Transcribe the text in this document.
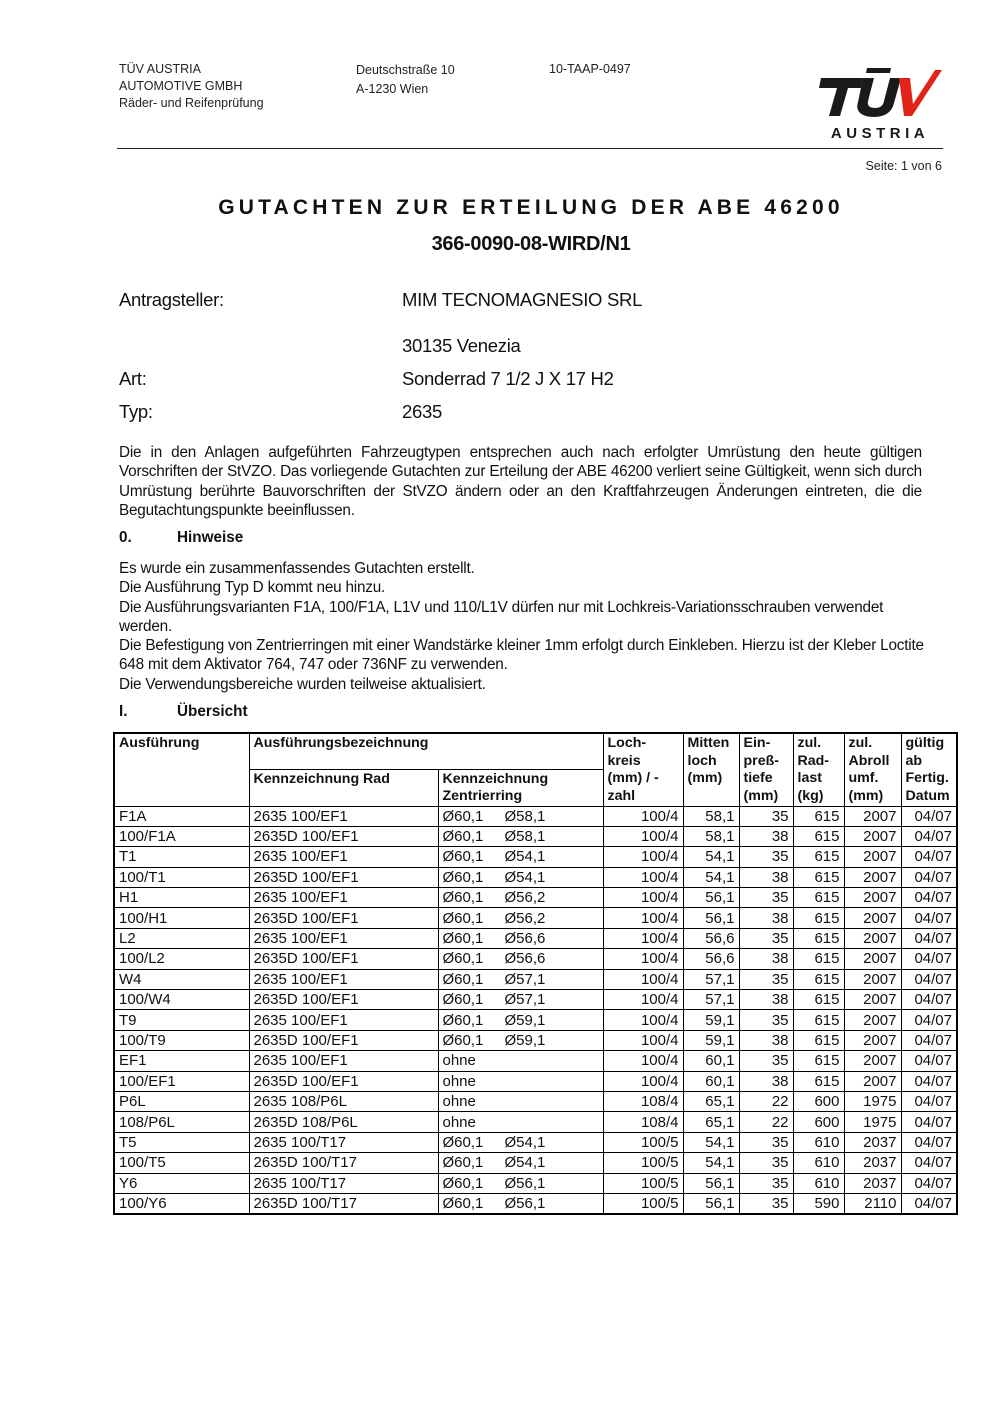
TÜV AUSTRIA
AUTOMOTIVE GMBH
Räder- und Reifenprüfung
Deutschstraße 10
A-1230 Wien
10-TAAP-0497
AUSTRIA
Seite: 1 von 6
GUTACHTEN ZUR ERTEILUNG DER ABE 46200
366-0090-08-WIRD/N1
Antragsteller:	MIM TECNOMAGNESIO SRL
30135 Venezia
Art:	Sonderrad 7 1/2 J X 17 H2
Typ:	2635
Die in den Anlagen aufgeführten Fahrzeugtypen entsprechen auch nach erfolgter Umrüstung den heute gültigen Vorschriften der StVZO. Das vorliegende Gutachten zur Erteilung der ABE 46200 verliert seine Gültigkeit, wenn sich durch Umrüstung berührte Bauvorschriften der StVZO ändern oder an den Kraftfahrzeugen Änderungen eintreten, die die Begutachtungspunkte beeinflussen.
0.	Hinweise
Es wurde ein zusammenfassendes Gutachten erstellt.
Die Ausführung Typ D kommt neu hinzu.
Die Ausführungsvarianten F1A, 100/F1A, L1V und 110/L1V dürfen nur mit Lochkreis-Variationsschrauben verwendet werden.
Die Befestigung von Zentrierringen mit einer Wandstärke kleiner 1mm erfolgt durch Einkleben. Hierzu ist der Kleber Loctite 648 mit dem Aktivator 764, 747 oder 736NF zu verwenden.
Die Verwendungsbereiche wurden teilweise aktualisiert.
I.	Übersicht
Ausführung	Ausführungsbezeichnung		Loch- kreis (mm) / -zahl	Mitten loch (mm)	Ein- preß- tiefe (mm)	zul. Rad- last (kg)	zul. Abroll umf. (mm)	gültig ab Fertig. Datum
	Kennzeichnung Rad	Kennzeichnung Zentrierring						
F1A	2635 100/EF1	Ø60,1 Ø58,1	100/4	58,1	35	615	2007	04/07
100/F1A	2635D 100/EF1	Ø60,1 Ø58,1	100/4	58,1	38	615	2007	04/07
T1	2635 100/EF1	Ø60,1 Ø54,1	100/4	54,1	35	615	2007	04/07
100/T1	2635D 100/EF1	Ø60,1 Ø54,1	100/4	54,1	38	615	2007	04/07
H1	2635 100/EF1	Ø60,1 Ø56,2	100/4	56,1	35	615	2007	04/07
100/H1	2635D 100/EF1	Ø60,1 Ø56,2	100/4	56,1	38	615	2007	04/07
L2	2635 100/EF1	Ø60,1 Ø56,6	100/4	56,6	35	615	2007	04/07
100/L2	2635D 100/EF1	Ø60,1 Ø56,6	100/4	56,6	38	615	2007	04/07
W4	2635 100/EF1	Ø60,1 Ø57,1	100/4	57,1	35	615	2007	04/07
100/W4	2635D 100/EF1	Ø60,1 Ø57,1	100/4	57,1	38	615	2007	04/07
T9	2635 100/EF1	Ø60,1 Ø59,1	100/4	59,1	35	615	2007	04/07
100/T9	2635D 100/EF1	Ø60,1 Ø59,1	100/4	59,1	38	615	2007	04/07
EF1	2635 100/EF1	ohne	100/4	60,1	35	615	2007	04/07
100/EF1	2635D 100/EF1	ohne	100/4	60,1	38	615	2007	04/07
P6L	2635 108/P6L	ohne	108/4	65,1	22	600	1975	04/07
108/P6L	2635D 108/P6L	ohne	108/4	65,1	22	600	1975	04/07
T5	2635 100/T17	Ø60,1 Ø54,1	100/5	54,1	35	610	2037	04/07
100/T5	2635D 100/T17	Ø60,1 Ø54,1	100/5	54,1	35	610	2037	04/07
Y6	2635 100/T17	Ø60,1 Ø56,1	100/5	56,1	35	610	2037	04/07
100/Y6	2635D 100/T17	Ø60,1 Ø56,1	100/5	56,1	35	590	2110	04/07
